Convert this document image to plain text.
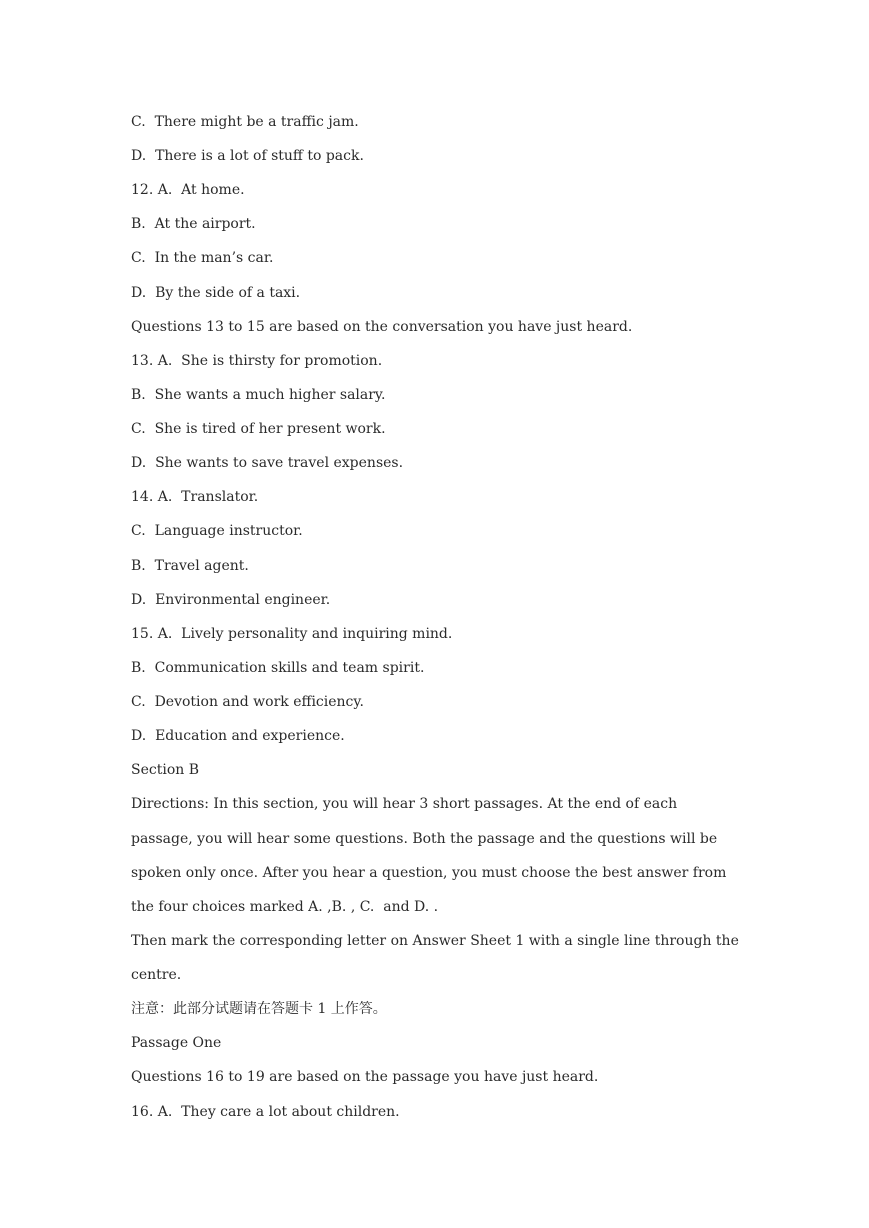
C.  There might be a traffic jam.
D.  There is a lot of stuff to pack.
12. A.  At home.
B.  At the airport.
C.  In the man’s car.
D.  By the side of a taxi.
Questions 13 to 15 are based on the conversation you have just heard.
13. A.  She is thirsty for promotion.
B.  She wants a much higher salary.
C.  She is tired of her present work.
D.  She wants to save travel expenses.
14. A.  Translator.
C.  Language instructor.
B.  Travel agent.
D.  Environmental engineer.
15. A.  Lively personality and inquiring mind.
B.  Communication skills and team spirit.
C.  Devotion and work efficiency.
D.  Education and experience.
Section B
Directions: In this section, you will hear 3 short passages. At the end of each
passage, you will hear some questions. Both the passage and the questions will be
spoken only once. After you hear a question, you must choose the best answer from
the four choices marked A. ,B. , C.  and D. .
Then mark the corresponding letter on Answer Sheet 1 with a single line through the
centre.
注意：此部分试题请在答题卡 1 上作答。
Passage One
Questions 16 to 19 are based on the passage you have just heard.
16. A.  They care a lot about children.
